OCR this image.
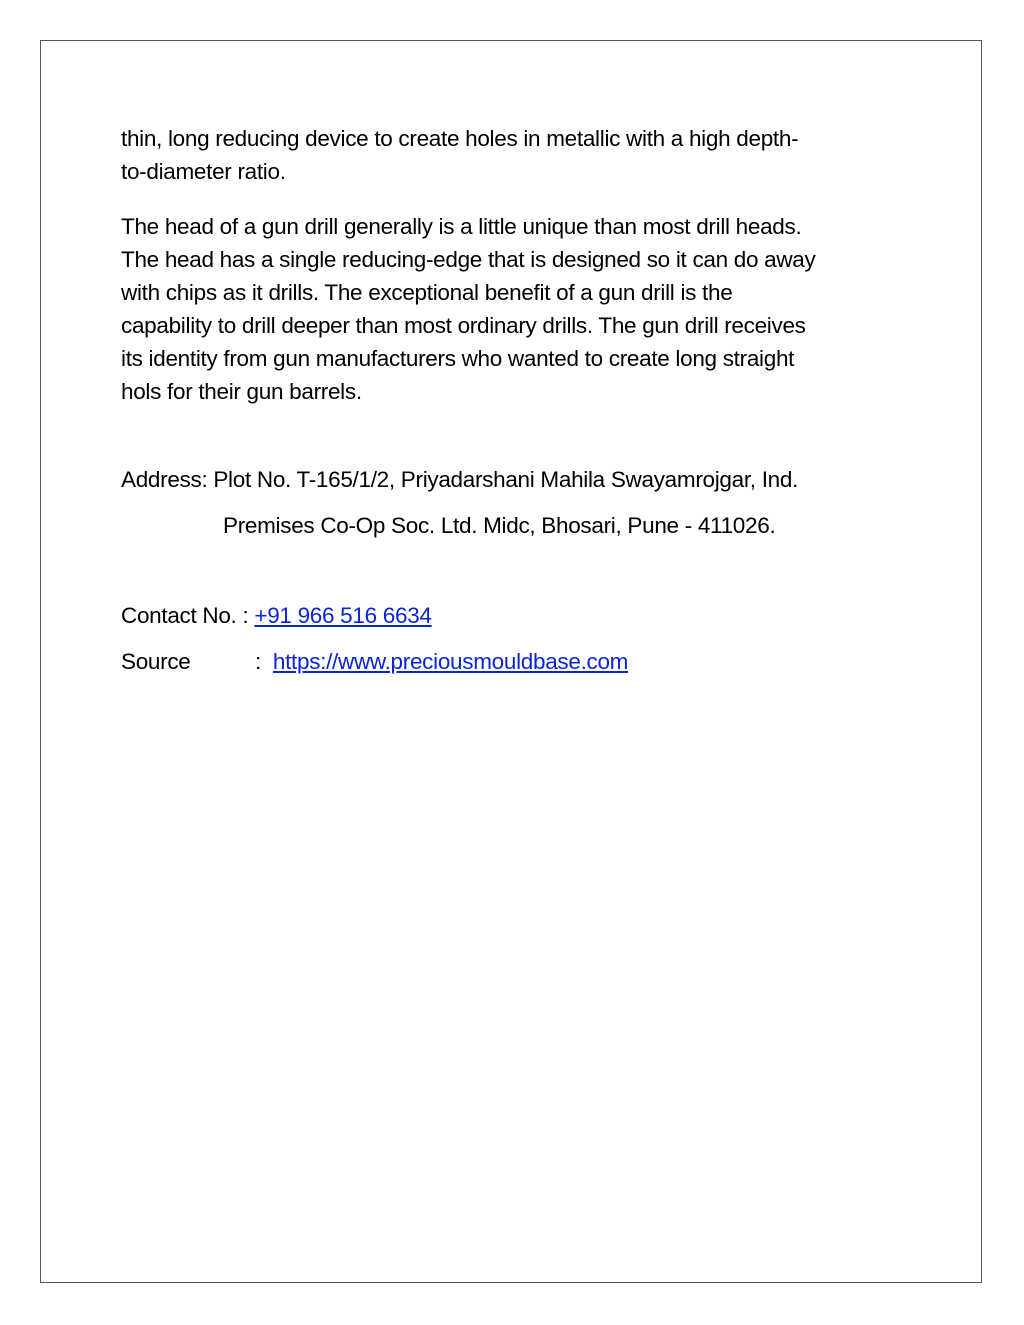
thin, long reducing device to create holes in metallic with a high depth-
to-diameter ratio.
The head of a gun drill generally is a little unique than most drill heads.
The head has a single reducing-edge that is designed so it can do away
with chips as it drills. The exceptional benefit of a gun drill is the
capability to drill deeper than most ordinary drills. The gun drill receives
its identity from gun manufacturers who wanted to create long straight
hols for their gun barrels.
Address: Plot No. T-165/1/2, Priyadarshani Mahila Swayamrojgar, Ind.
Premises Co-Op Soc. Ltd. Midc, Bhosari, Pune - 411026.
Contact No. : +91 966 516 6634
Source	: https://www.preciousmouldbase.com
